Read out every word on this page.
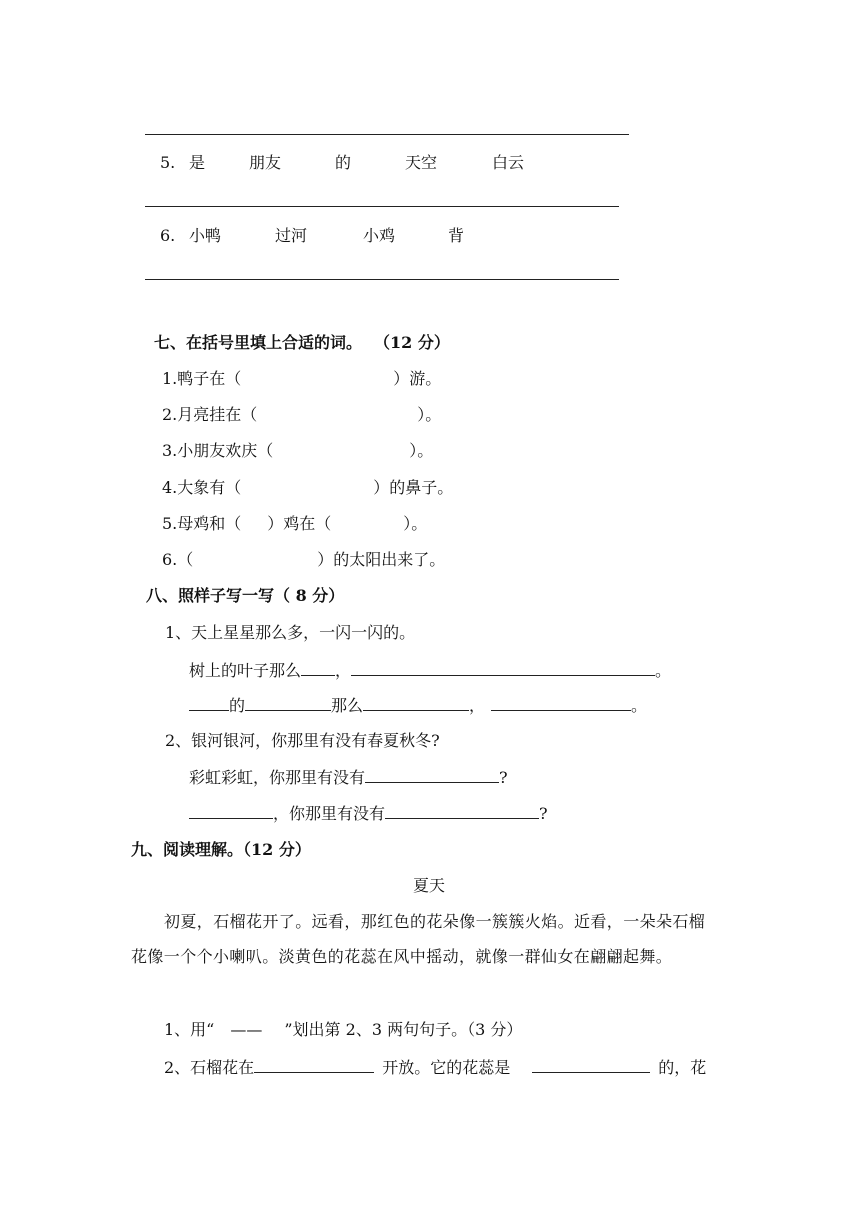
5. 是	朋友	的	天空	白云
6. 小鸭	过河	小鸡	背
七、在括号里填上合适的词。 （12 分）
1.鸭子在（	）游。
2.月亮挂在（	）。
3.小朋友欢庆（	）。
4.大象有（	）的鼻子。
5.母鸡和（ ）鸡在（	）。
6.（	）的太阳出来了。
八、照样子写一写（ 8 分）
1、天上星星那么多，一闪一闪的。
树上的叶子那么 ，	。
的	那么	，	。
2、银河银河，你那里有没有春夏秋冬?
彩虹彩虹，你那里有没有	?
，你那里有没有	?
九、阅读理解。（12 分）
夏天
初夏，石榴花开了。远看，那红色的花朵像一簇簇火焰。近看，一朵朵石榴
花像一个个小喇叭。淡黄色的花蕊在风中摇动，就像一群仙女在翩翩起舞。
1、用“ —— ”划出第 2、3 两句句子。（3 分）
2、石榴花在	开放。它的花蕊是	的，花
